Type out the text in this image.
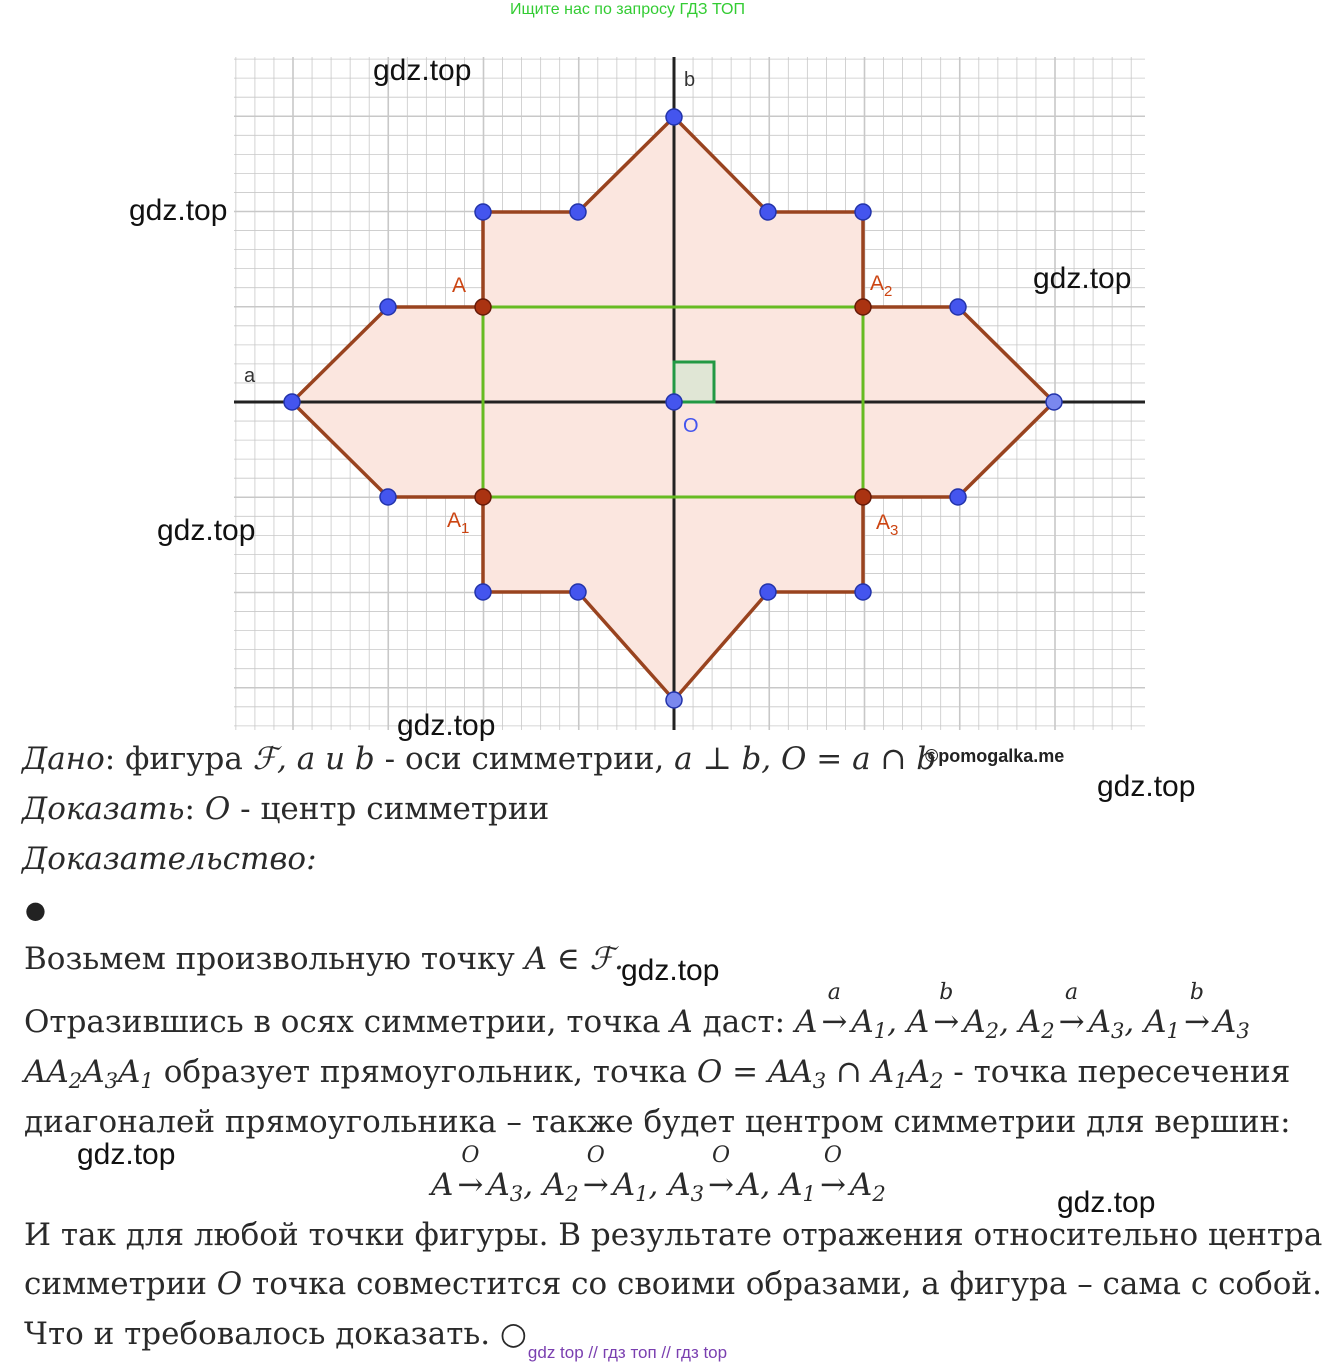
Ищите нас по запросу ГДЗ ТОП
a
b
O
A	$A_2$
$A_1$	$A_3$
gdz.top
gdz.top
gdz.top
gdz.top
gdz.top
gdz.top
gdz.top
gdz.top
gdz.top
©pomogalka.me
Дано: фигура ℱ, a и b - оси симметрии, a ⊥ b, O = a ∩ b
Доказать: O - центр симметрии
Доказательство:
●
Возьмем произвольную точку A ∈ ℱ.
Отразившись в осях симметрии, точка A даст: A
a
→ $A_1$, A
b
→ $A_2$, $A_2$
a
→ $A_3$, $A_1$
b
→ $A_3$
$AA_2A_3A_1$ образует прямоугольник, точка $O = AA_3$ ∩ $A_1A_2$ - точка пересечения
диагоналей прямоугольника – также будет центром симметрии для вершин:
A
O
→ $A_3$, $A_2$
O
→ $A_1$, $A_3$
O
→ A, $A_1$
O
→ $A_2$
И так для любой точки фигуры. В результате отражения относительно центра
симметрии O точка совместится со своими образами, а фигура – сама с собой.
Что и требовалось доказать. ○
gdz top // гдз топ // гдз top
